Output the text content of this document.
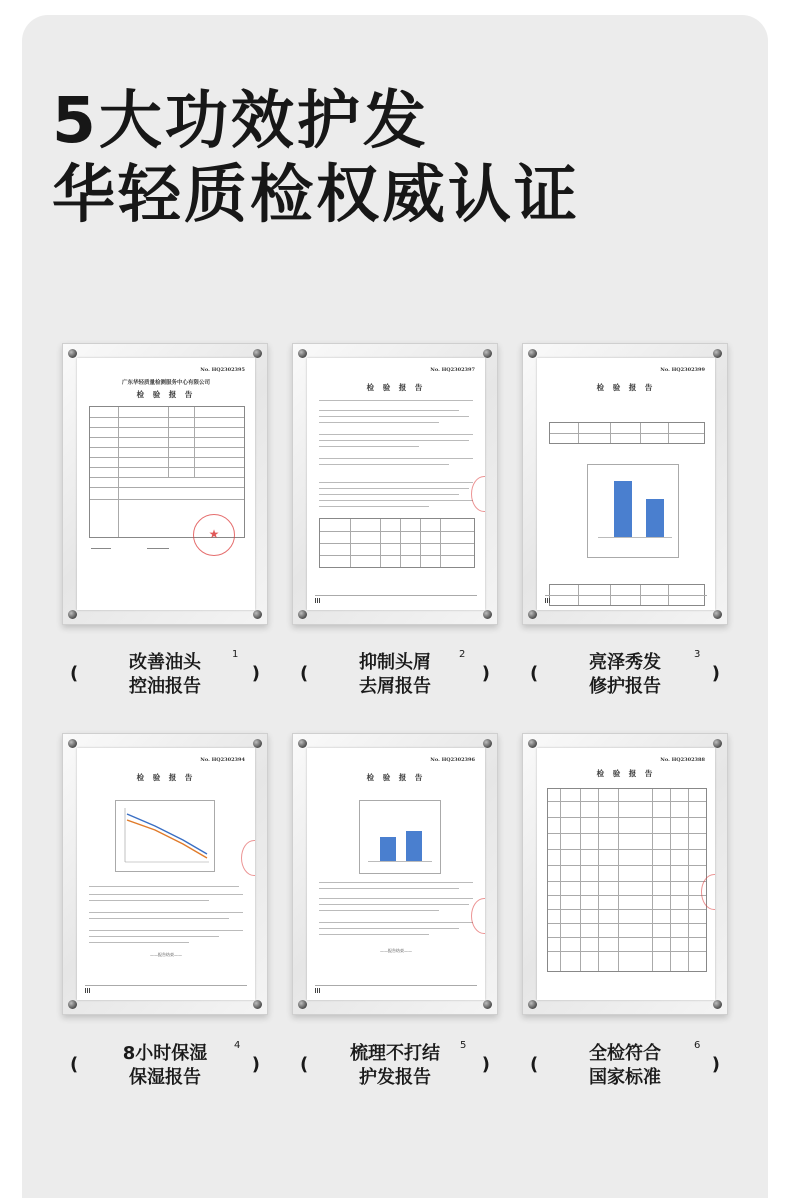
5大功效护发
华轻质检权威认证
No. HQ2302395
广东华轻质量检测服务中心有限公司
检 验 报 告
★
No. HQ2302397
检 验 报 告
No. HQ2302399
检 验 报 告
No. HQ2302394
检 验 报 告
——报告结束——
No. HQ2302396
检 验 报 告
——报告结束——
No. HQ2302388
检 验 报 告
(
改善油头
控油报告
1
) (
抑制头屑
去屑报告
2
) (
亮泽秀发
修护报告
3
)
(
8小时保湿
保湿报告
4
) (
梳理不打结
护发报告
5
) (
全检符合
国家标准
6
)
